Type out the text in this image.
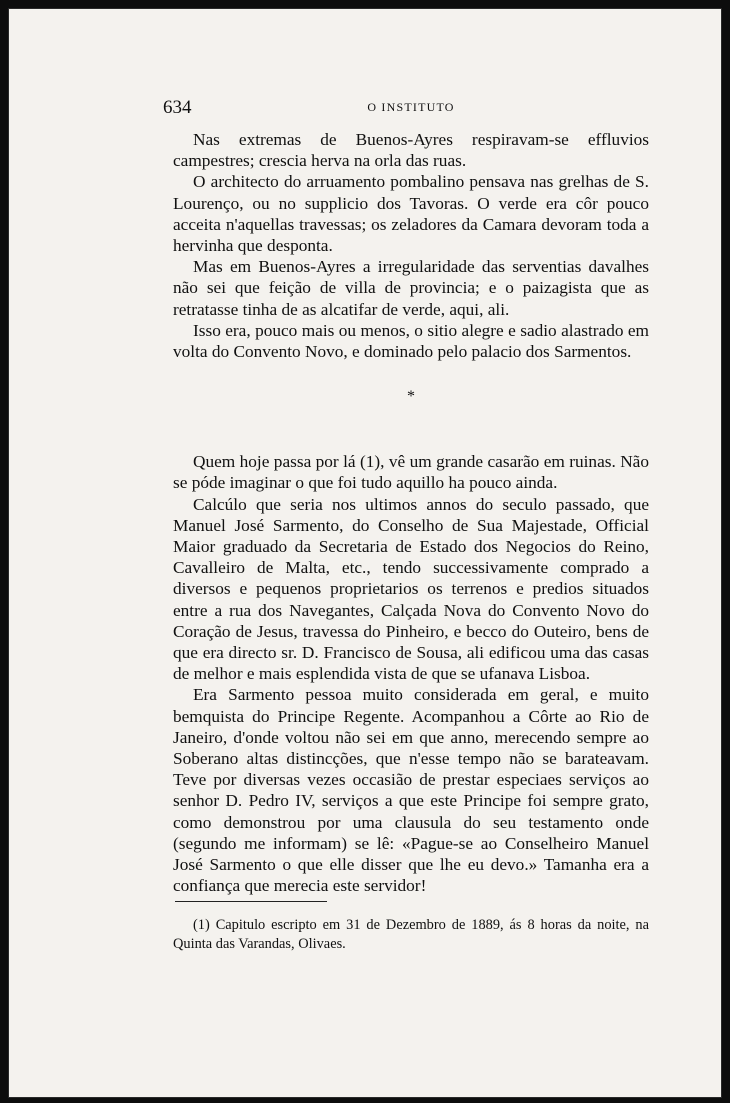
634	O INSTITUTO

Nas extremas de Buenos-Ayres respiravam-se effluvios campestres; crescia herva na orla das ruas.

O architecto do arruamento pombalino pensava nas grelhas de S. Lourenço, ou no supplicio dos Tavoras. O verde era côr pouco acceita n'aquellas travessas; os zeladores da Camara devoram toda a hervinha que desponta.

Mas em Buenos-Ayres a irregularidade das serventias davalhes não sei que feição de villa de provincia; e o paizagista que as retratasse tinha de as alcatifar de verde, aqui, ali.

Isso era, pouco mais ou menos, o sitio alegre e sadio alastrado em volta do Convento Novo, e dominado pelo palacio dos Sarmentos.

*

Quem hoje passa por lá (1), vê um grande casarão em ruinas. Não se póde imaginar o que foi tudo aquillo ha pouco ainda.

Calcúlo que seria nos ultimos annos do seculo passado, que Manuel José Sarmento, do Conselho de Sua Majestade, Official Maior graduado da Secretaria de Estado dos Negocios do Reino, Cavalleiro de Malta, etc., tendo successivamente comprado a diversos e pequenos proprietarios os terrenos e predios situados entre a rua dos Navegantes, Calçada Nova do Convento Novo do Coração de Jesus, travessa do Pinheiro, e becco do Outeiro, bens de que era directo sr. D. Francisco de Sousa, ali edificou uma das casas de melhor e mais esplendida vista de que se ufanava Lisboa.

Era Sarmento pessoa muito considerada em geral, e muito bemquista do Principe Regente. Acompanhou a Côrte ao Rio de Janeiro, d'onde voltou não sei em que anno, merecendo sempre ao Soberano altas distincções, que n'esse tempo não se barateavam. Teve por diversas vezes occasião de prestar especiaes serviços ao senhor D. Pedro IV, serviços a que este Principe foi sempre grato, como demonstrou por uma clausula do seu testamento onde (segundo me informam) se lê: «Pague-se ao Conselheiro Manuel José Sarmento o que elle disser que lhe eu devo.» Tamanha era a confiança que merecia este servidor!

(1) Capitulo escripto em 31 de Dezembro de 1889, ás 8 horas da noite, na Quinta das Varandas, Olivaes.
